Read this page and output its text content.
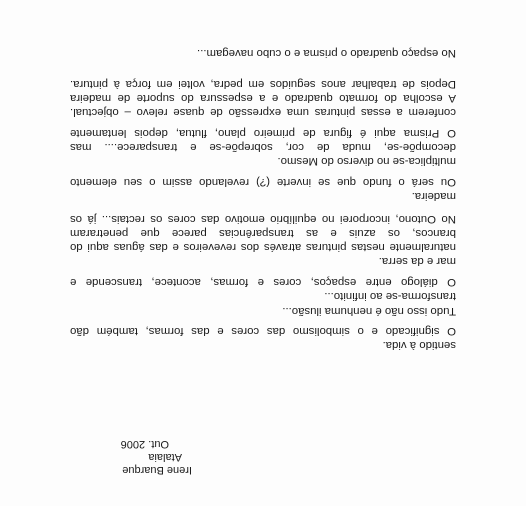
Irene Buarque
Atalaia
Out. 2006
No espaço quadrado o prisma e o cubo navegam...
Depois de trabalhar anos seguidos em pedra, voltei em força à pintura.
A escolha do formato quadrado e a espessura do suporte de madeira
conferem a essas pinturas uma expressão de quase relevo – objectual.
O Prisma aqui é figura de primeiro plano, flutua, depois lentamente
decompõe-se, muda de cor, sobrepõe-se e transparece.... mas
multiplica-se no diverso do Mesmo.
Ou será o fundo que se inverte (?) revelando assim o seu elemento
madeira.
No Outono, incorporei no equilíbrio emotivo das cores os rectais... já os
brancos, os azuis e as transparências parece que penetraram
naturalmente nestas pinturas através dos reveveiros e das águas aqui do
mar e da serra.
O diálogo entre espaços, cores e formas, acontece, transcende e
transforma-se ao infinito...
Tudo isso não é nenhuma ilusão...
O significado e o simbolismo das cores e das formas, também dão
sentido à vida.
